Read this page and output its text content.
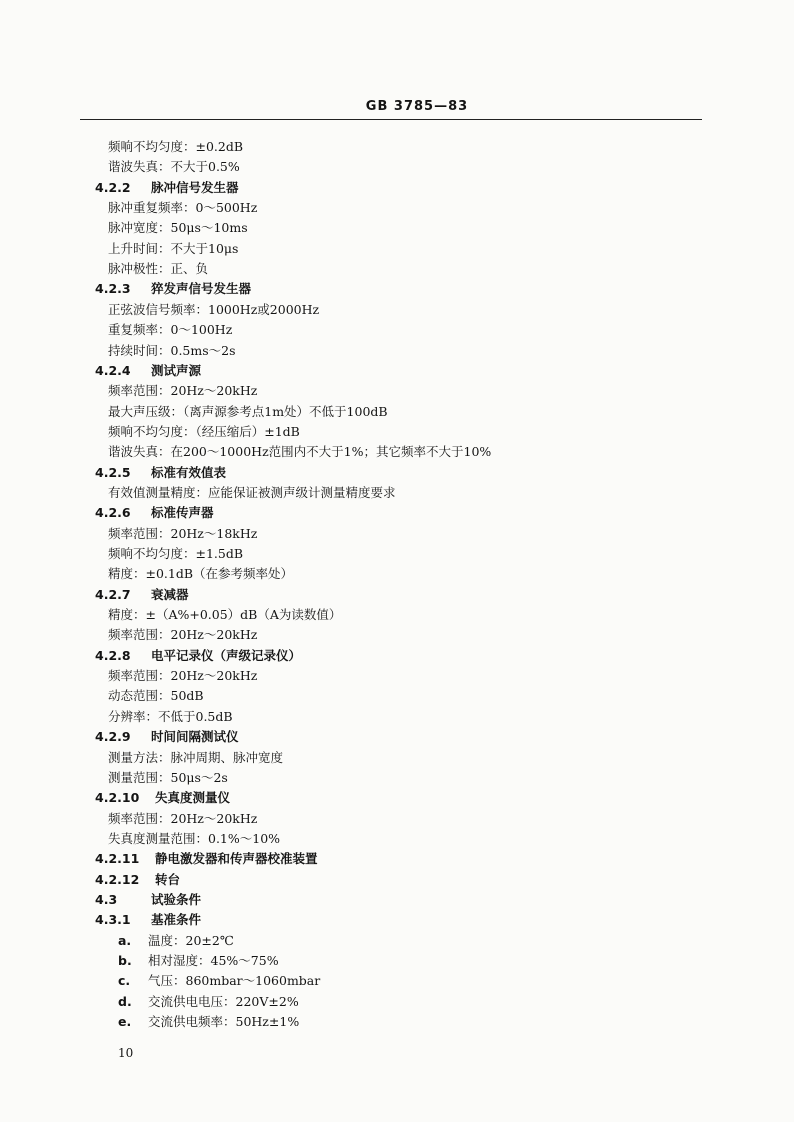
GB 3785—83
频响不均匀度：±0.2dB
谐波失真：不大于0.5%
4.2.2 脉冲信号发生器
脉冲重复频率：0～500Hz
脉冲宽度：50μs～10ms
上升时间：不大于10μs
脉冲极性：正、负
4.2.3 猝发声信号发生器
正弦波信号频率：1000Hz或2000Hz
重复频率：0～100Hz
持续时间：0.5ms～2s
4.2.4 测试声源
频率范围：20Hz～20kHz
最大声压级：（离声源参考点1m处）不低于100dB
频响不均匀度：（经压缩后）±1dB
谐波失真：在200～1000Hz范围内不大于1%；其它频率不大于10%
4.2.5 标准有效值表
有效值测量精度：应能保证被测声级计测量精度要求
4.2.6 标准传声器
频率范围：20Hz～18kHz
频响不均匀度：±1.5dB
精度：±0.1dB（在参考频率处）
4.2.7 衰减器
精度：±（A%+0.05）dB（A为读数值）
频率范围：20Hz～20kHz
4.2.8 电平记录仪（声级记录仪）
频率范围：20Hz～20kHz
动态范围：50dB
分辨率：不低于0.5dB
4.2.9 时间间隔测试仪
测量方法：脉冲周期、脉冲宽度
测量范围：50μs～2s
4.2.10 失真度测量仪
频率范围：20Hz～20kHz
失真度测量范围：0.1%～10%
4.2.11 静电激发器和传声器校准装置
4.2.12 转台
4.3	试验条件
4.3.1 基准条件
a. 温度：20±2℃
b. 相对湿度：45%～75%
c. 气压：860mbar～1060mbar
d. 交流供电电压：220V±2%
e. 交流供电频率：50Hz±1%
10
